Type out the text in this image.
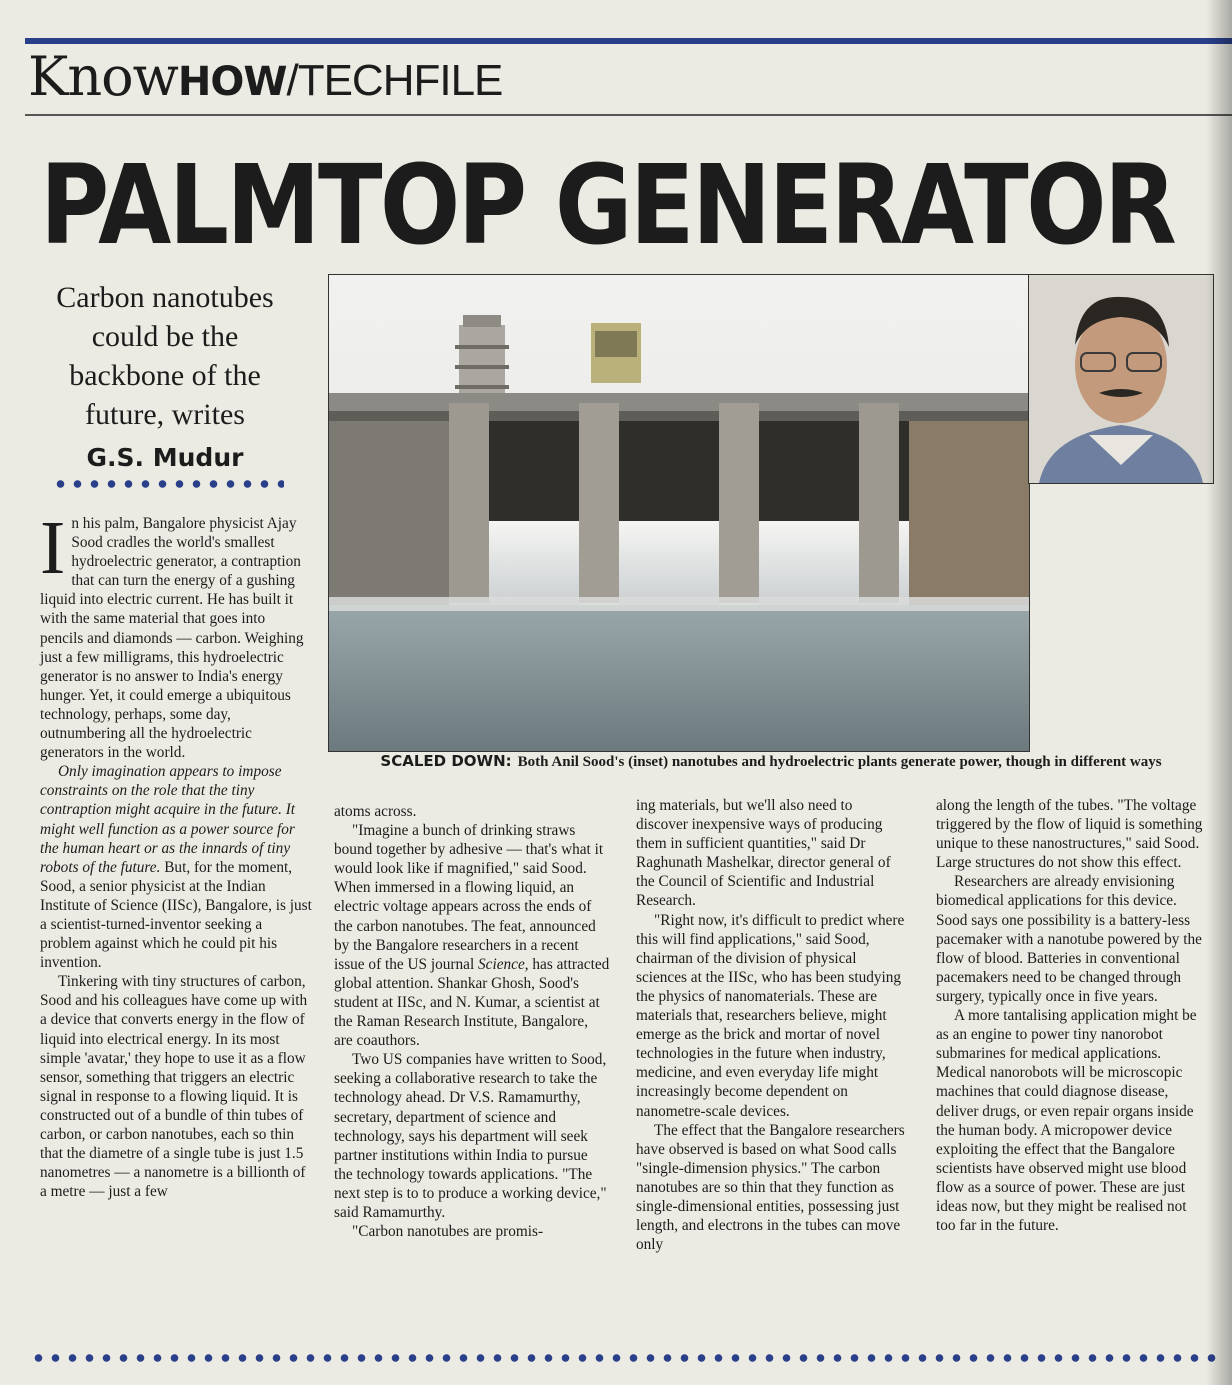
KnowHOW/TECHFILE
PALMTOP GENERATOR
Carbon nanotubes could be the backbone of the future, writes
G.S. Mudur
SCALED DOWN: Both Anil Sood's (inset) nanotubes and hydroelectric plants generate power, though in different ways

In his palm, Bangalore physicist Ajay Sood cradles the world's smallest hydroelectric generator, a contraption that can turn the energy of a gushing liquid into electric current. He has built it with the same material that goes into pencils and diamonds — carbon. Weighing just a few milligrams, this hydroelectric generator is no answer to India's energy hunger. Yet, it could emerge a ubiquitous technology, perhaps, some day, outnumbering all the hydroelectric generators in the world.

Only imagination appears to impose constraints on the role that the tiny contraption might acquire in the future. It might well function as a power source for the human heart or as the innards of tiny robots of the future. But, for the moment, Sood, a senior physicist at the Indian Institute of Science (IISc), Bangalore, is just a scientist-turned-inventor seeking a problem against which he could pit his invention.

Tinkering with tiny structures of carbon, Sood and his colleagues have come up with a device that converts energy in the flow of liquid into electrical energy. In its most simple 'avatar,' they hope to use it as a flow sensor, something that triggers an electric signal in response to a flowing liquid. It is constructed out of a bundle of thin tubes of carbon, or carbon nanotubes, each so thin that the diametre of a single tube is just 1.5 nanometres — a nanometre is a billionth of a metre — just a few

atoms across.

"Imagine a bunch of drinking straws bound together by adhesive — that's what it would look like if magnified," said Sood. When immersed in a flowing liquid, an electric voltage appears across the ends of the carbon nanotubes. The feat, announced by the Bangalore researchers in a recent issue of the US journal Science, has attracted global attention. Shankar Ghosh, Sood's student at IISc, and N. Kumar, a scientist at the Raman Research Institute, Bangalore, are coauthors.

Two US companies have written to Sood, seeking a collaborative research to take the technology ahead. Dr V.S. Ramamurthy, secretary, department of science and technology, says his department will seek partner institutions within India to pursue the technology towards applications. "The next step is to to produce a working device," said Ramamurthy.

"Carbon nanotubes are promis-

ing materials, but we'll also need to discover inexpensive ways of producing them in sufficient quantities," said Dr Raghunath Mashelkar, director general of the Council of Scientific and Industrial Research.

"Right now, it's difficult to predict where this will find applications," said Sood, chairman of the division of physical sciences at the IISc, who has been studying the physics of nanomaterials. These are materials that, researchers believe, might emerge as the brick and mortar of novel technologies in the future when industry, medicine, and even everyday life might increasingly become dependent on nanometre-scale devices.

The effect that the Bangalore researchers have observed is based on what Sood calls "single-dimension physics." The carbon nanotubes are so thin that they function as single-dimensional entities, possessing just length, and electrons in the tubes can move only

along the length of the tubes. "The voltage triggered by the flow of liquid is something unique to these nanostructures," said Sood. Large structures do not show this effect.

Researchers are already envisioning biomedical applications for this device. Sood says one possibility is a battery-less pacemaker with a nanotube powered by the flow of blood. Batteries in conventional pacemakers need to be changed through surgery, typically once in five years.

A more tantalising application might be as an engine to power tiny nanorobot submarines for medical applications. Medical nanorobots will be microscopic machines that could diagnose disease, deliver drugs, or even repair organs inside the human body. A micropower device exploiting the effect that the Bangalore scientists have observed might use blood flow as a source of power. These are just ideas now, but they might be realised not too far in the future.
